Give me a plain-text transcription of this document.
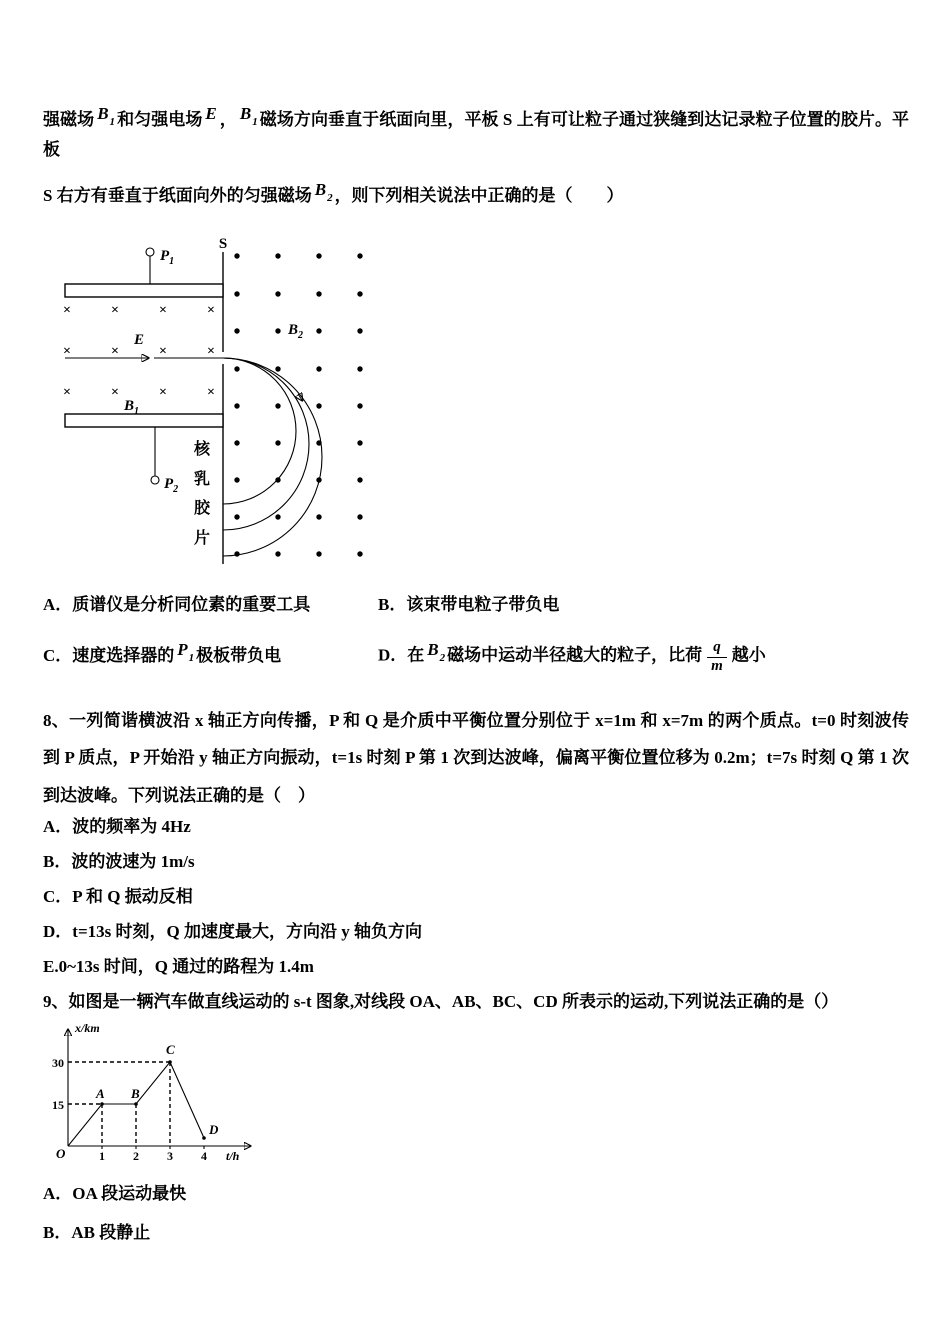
强磁场 $B_1$ 和匀强电场 E ， $B_1$ 磁场方向垂直于纸面向里，平板 S 上有可让粒子通过狭缝到达记录粒子位置的胶片。平板

S 右方有垂直于纸面向外的匀强磁场 $B_2$ ，则下列相关说法中正确的是（　　）

S
$P_1$
$P_2$
×	×	×	×
×	×	×	×
×	×	×	×
E
$B_1$
$B_2$
核乳胶片
A．质谱仪是分析同位素的重要工具	B．该束带电粒子带负电
C．速度选择器的 $P_1$ 极板带负电	D．在 $B_2$ 磁场中运动半径越大的粒子，比荷 $\frac{q}{m}$ 越小

8、一列简谐横波沿 x 轴正方向传播，P 和 Q 是介质中平衡位置分别位于 x=1m 和 x=7m 的两个质点。t=0 时刻波传到 P 质点，P 开始沿 y 轴正方向振动，t=1s 时刻 P 第 1 次到达波峰，偏离平衡位置位移为 0.2m；t=7s 时刻 Q 第 1 次到达波峰。下列说法正确的是（　）

A．波的频率为 4Hz
B．波的波速为 1m/s
C．P 和 Q 振动反相
D．t=13s 时刻，Q 加速度最大，方向沿 y 轴负方向
E.0~13s 时间，Q 通过的路程为 1.4m

9、如图是一辆汽车做直线运动的 s-t 图象,对线段 OA、AB、BC、CD 所表示的运动,下列说法正确的是（）

x/km
t/h
O
30
15
1 2 3 4
A B
C
D
A．OA 段运动最快
B．AB 段静止
